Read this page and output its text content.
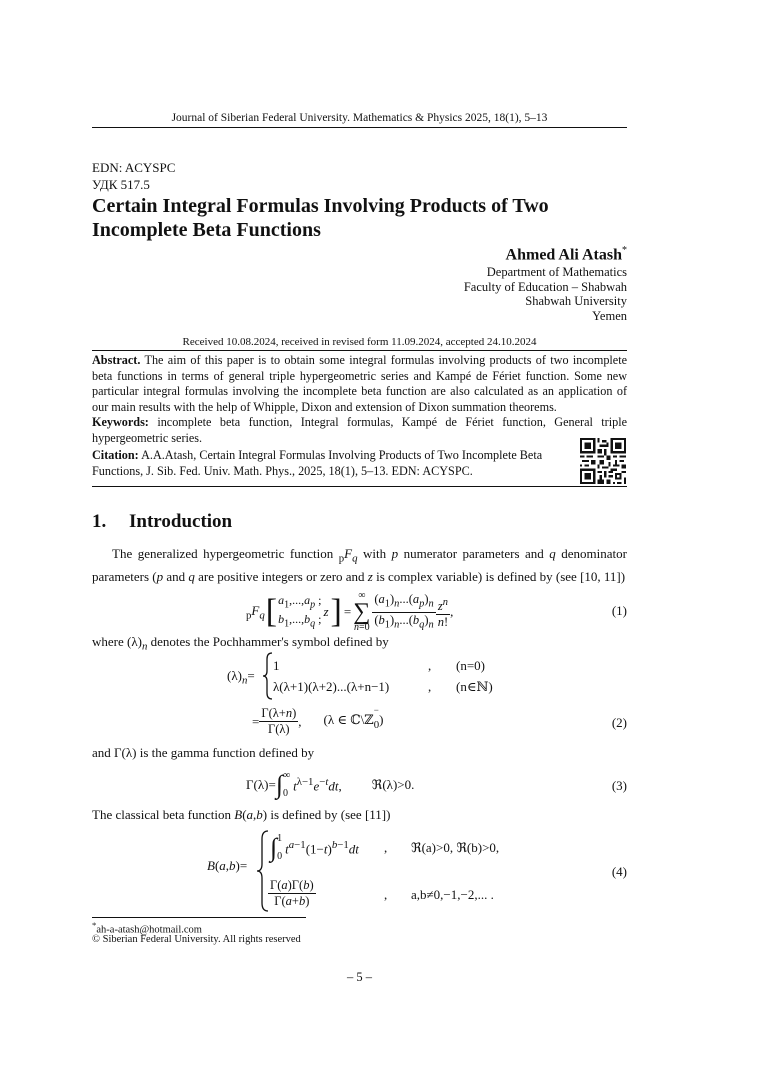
Journal of Siberian Federal University. Mathematics & Physics 2025, 18(1), 5–13
EDN: ACYSPC
УДК 517.5
Certain Integral Formulas Involving Products of Two
Incomplete Beta Functions
Ahmed Ali Atash*
Department of Mathematics
Faculty of Education – Shabwah
Shabwah University
Yemen
Received 10.08.2024, received in revised form 11.09.2024, accepted 24.10.2024
Abstract. The aim of this paper is to obtain some integral formulas involving products of two incomplete beta functions in terms of general triple hypergeometric series and Kampé de Fériet function. Some new particular integral formulas involving the incomplete beta function are also calculated as an application of our main results with the help of Whipple, Dixon and extension of Dixon summation theorems.
Keywords: incomplete beta function, Integral formulas, Kampé de Fériet function, General triple hypergeometric series.
Citation: A.A.Atash, Certain Integral Formulas Involving Products of Two Incomplete Beta Functions, J. Sib. Fed. Univ. Math. Phys., 2025, 18(1), 5–13. EDN: ACYSPC.
1. Introduction
The generalized hypergeometric function $_pF_q$ with p numerator parameters and q denominator parameters (p and q are positive integers or zero and z is complex variable) is defined by (see [10, 11])
$_pF_q$ [ $a_1,...,a_p$ ;
$b_1,...,b_q$ ; z ] =
∞
∑
$n=0 \frac{(a_1)_n...(a_p)_n}{(b_1)_n...(b_q)_n} \frac{z^n}{n!}$ ,	(1)
where $(\lambda)_n$ denotes the Pochhammer's symbol defined by
$(\lambda)_n=$
1	, (n=0)
λ(λ+1)(λ+2)...(λ+n−1)	, (n∈ℕ)
= $\frac{\Gamma(\lambda+n)}{\Gamma(\lambda)}$ , (λ ∈ ℂ\ℤ
$_{- 0}$)	(2)
and Γ(λ) is the gamma function defined by
Γ(λ)= ∫ ∞
0
$t^{\lambda-1}e^{-t}dt$, ℜ(λ)>0.	(3)
The classical beta function B(a,b) is defined by (see [11])
B(a,b)=
∫ 1
0
$t^{a-1}(1-t)^{b-1}dt$ , ℜ(a)>0, ℜ(b)>0,
$\frac{\Gamma(a)\Gamma(b)}{\Gamma(a+b)}$	, a,b≠0,−1,−2,... .
(4)
*ah-a-atash@hotmail.com
© Siberian Federal University. All rights reserved
– 5 –
